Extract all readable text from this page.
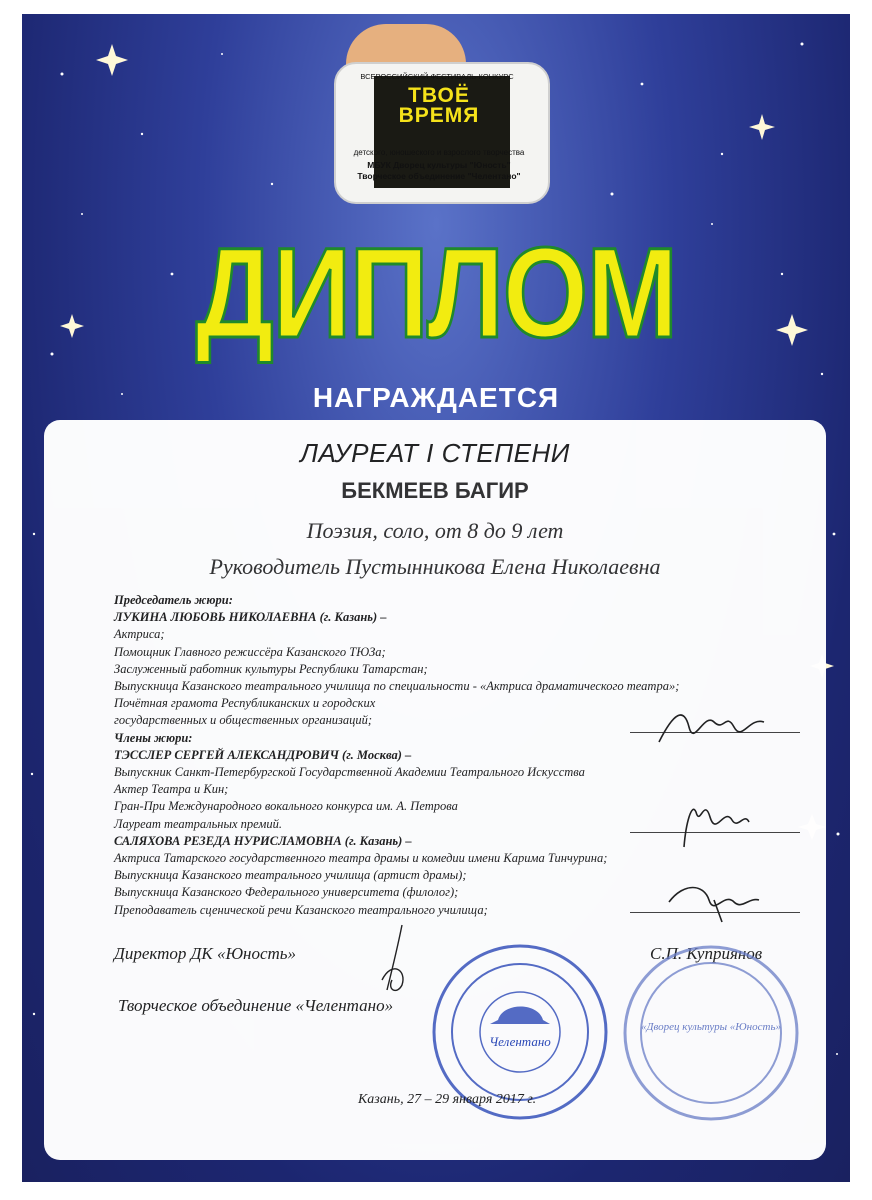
ВСЕРОССИЙСКИЙ ФЕСТИВАЛЬ-КОНКУРС
ТВОЁ
ВРЕМЯ
детского, юношеского и взрослого творчества
МБУК Дворец культуры "Юность"
Творческое объединение "Челентано"
ДИПЛОМ
НАГРАЖДАЕТСЯ
ЛАУРЕАТ I СТЕПЕНИ
БЕКМЕЕВ БАГИР
Поэзия, соло, от 8 до 9 лет
Руководитель Пустынникова Елена Николаевна
Председатель жюри:
ЛУКИНА ЛЮБОВЬ НИКОЛАЕВНА (г. Казань) –
Актриса;
Помощник Главного режиссёра Казанского ТЮЗа;
Заслуженный работник культуры Республики Татарстан;
Выпускница Казанского театрального училища по специальности - «Актриса драматического театра»;
Почётная грамота Республиканских и городских
государственных и общественных организаций;
Члены жюри:
ТЭССЛЕР СЕРГЕЙ АЛЕКСАНДРОВИЧ (г. Москва) –
Выпускник Санкт-Петербургской Государственной Академии Театрального Искусства
Актер Театра и Кин;
Гран-При Международного вокального конкурса им. А. Петрова
Лауреат театральных премий.
САЛЯХОВА РЕЗЕДА НУРИСЛАМОВНА (г. Казань) –
Актриса Татарского государственного театра драмы и комедии имени Карима Тинчурина;
Выпускница Казанского театрального училища (артист драмы);
Выпускница Казанского Федерального университета (филолог);
Преподаватель сценической речи Казанского театрального училища;
Директор ДК «Юность»	С.П. Куприянов
Творческое объединение «Челентано»
Челентано
«Дворец культуры «Юность»
Казань, 27 – 29 января 2017 г.
